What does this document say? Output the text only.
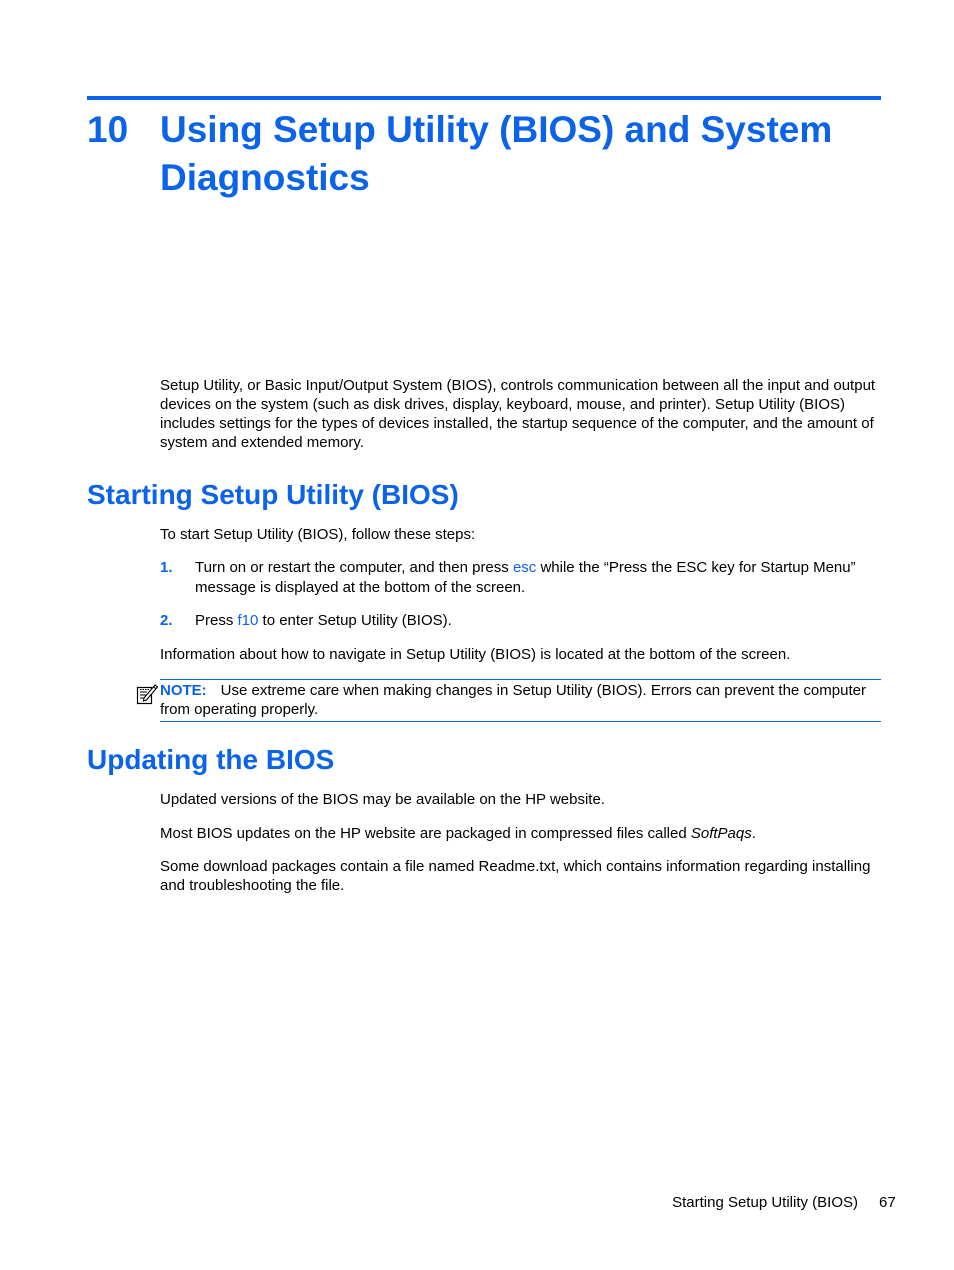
10 Using Setup Utility (BIOS) and System Diagnostics

Setup Utility, or Basic Input/Output System (BIOS), controls communication between all the input and output devices on the system (such as disk drives, display, keyboard, mouse, and printer). Setup Utility (BIOS) includes settings for the types of devices installed, the startup sequence of the computer, and the amount of system and extended memory.

Starting Setup Utility (BIOS)

To start Setup Utility (BIOS), follow these steps:

1. Turn on or restart the computer, and then press esc while the “Press the ESC key for Startup Menu” message is displayed at the bottom of the screen.
2. Press f10 to enter Setup Utility (BIOS).

Information about how to navigate in Setup Utility (BIOS) is located at the bottom of the screen.

NOTE: Use extreme care when making changes in Setup Utility (BIOS). Errors can prevent the computer from operating properly.
Updating the BIOS

Updated versions of the BIOS may be available on the HP website.

Most BIOS updates on the HP website are packaged in compressed files called SoftPaqs.

Some download packages contain a file named Readme.txt, which contains information regarding installing and troubleshooting the file.

Starting Setup Utility (BIOS) 67
